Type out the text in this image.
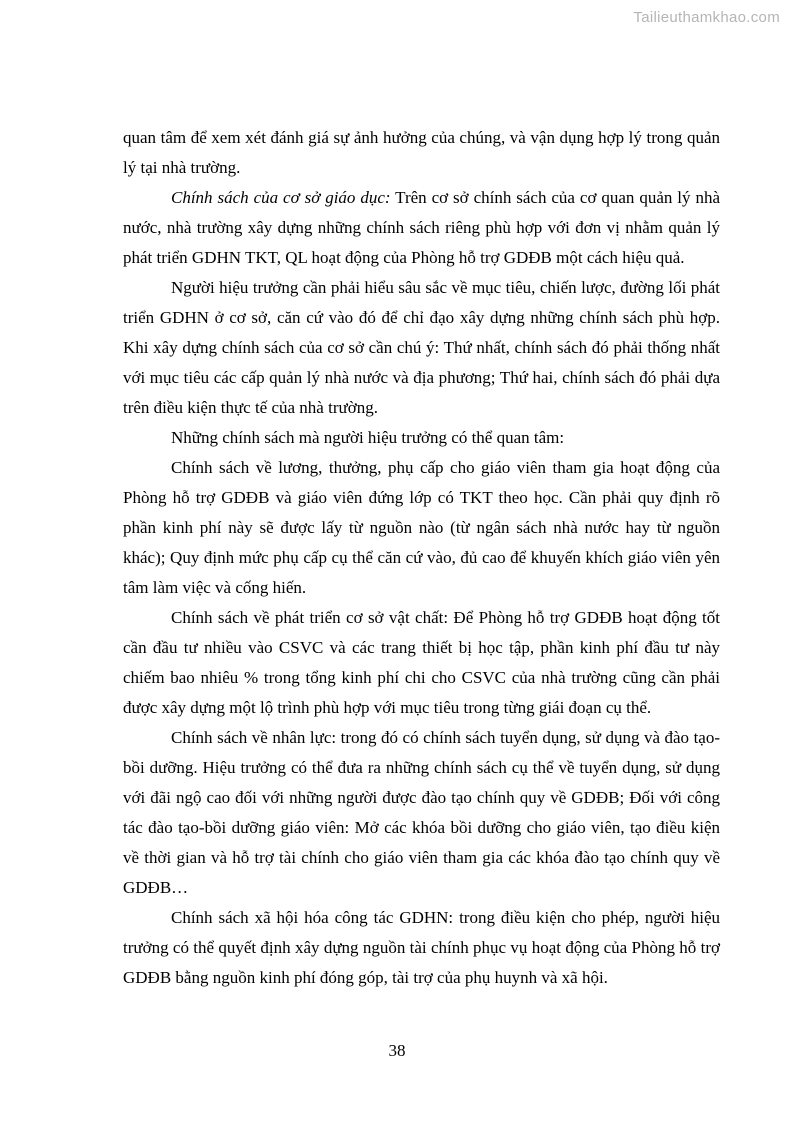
Tailieuthamkhao.com

quan tâm để xem xét đánh giá sự ảnh hưởng của chúng, và vận dụng hợp lý trong quản lý tại nhà trường.

Chính sách của cơ sở giáo dục: Trên cơ sở chính sách của cơ quan quản lý nhà nước, nhà trường xây dựng những chính sách riêng phù hợp với đơn vị nhằm quản lý phát triển GDHN TKT, QL hoạt động của Phòng hỗ trợ GDĐB một cách hiệu quả.

Người hiệu trưởng cần phải hiểu sâu sắc về mục tiêu, chiến lược, đường lối phát triển GDHN ở cơ sở, căn cứ vào đó để chỉ đạo xây dựng những chính sách phù hợp. Khi xây dựng chính sách của cơ sở cần chú ý: Thứ nhất, chính sách đó phải thống nhất với mục tiêu các cấp quản lý nhà nước và địa phương; Thứ hai, chính sách đó phải dựa trên điều kiện thực tế của nhà trường.

Những chính sách mà người hiệu trưởng có thể quan tâm:

Chính sách về lương, thưởng, phụ cấp cho giáo viên tham gia hoạt động của Phòng hỗ trợ GDĐB và giáo viên đứng lớp có TKT theo học. Cần phải quy định rõ phần kinh phí này sẽ được lấy từ nguồn nào (từ ngân sách nhà nước hay từ nguồn khác); Quy định mức phụ cấp cụ thể căn cứ vào, đủ cao để khuyến khích giáo viên yên tâm làm việc và cống hiến.

Chính sách về phát triển cơ sở vật chất: Để Phòng hỗ trợ GDĐB hoạt động tốt cần đầu tư nhiều vào CSVC và các trang thiết bị học tập, phần kinh phí đầu tư này chiếm bao nhiêu % trong tổng kinh phí chi cho CSVC của nhà trường cũng cần phải được xây dựng một lộ trình phù hợp với mục tiêu trong từng giái đoạn cụ thể.

Chính sách về nhân lực: trong đó có chính sách tuyển dụng, sử dụng và đào tạo-bồi dưỡng. Hiệu trưởng có thể đưa ra những chính sách cụ thể về tuyển dụng, sử dụng với đãi ngộ cao đối với những người được đào tạo chính quy về GDĐB; Đối với công tác đào tạo-bồi dưỡng giáo viên: Mở các khóa bồi dưỡng cho giáo viên, tạo điều kiện về thời gian và hỗ trợ tài chính cho giáo viên tham gia các khóa đào tạo chính quy về GDĐB…

Chính sách xã hội hóa công tác GDHN: trong điều kiện cho phép, người hiệu trưởng có thể quyết định xây dựng nguồn tài chính phục vụ hoạt động của Phòng hỗ trợ GDĐB bằng nguồn kinh phí đóng góp, tài trợ của phụ huynh và xã hội.

38
